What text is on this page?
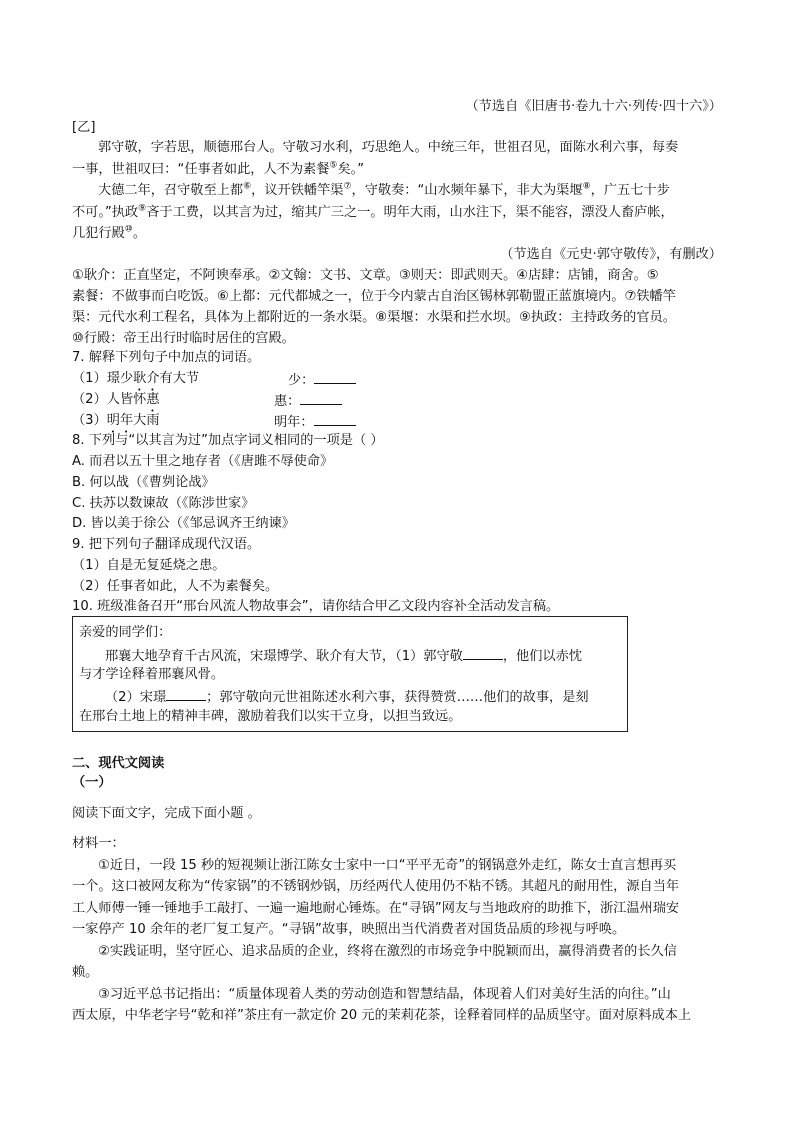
（节选自《旧唐书·卷九十六·列传·四十六》）
[乙]
郭守敬，字若思，顺德邢台人。守敬习水利，巧思绝人。中统三年，世祖召见，面陈水利六事，每奏
一事，世祖叹曰：“任事者如此，人不为素餐⑤矣。”
大德二年，召守敬至上都⑥，议开铁幡竿渠⑦，守敬奏：“山水频年暴下，非大为渠堰⑧，广五七十步
不可。”执政⑨吝于工费，以其言为过，缩其广三之一。明年大雨，山水注下，渠不能容，漂没人畜庐帐，
几犯行殿⑩。
（节选自《元史·郭守敬传》，有删改）
①耿介：正直坚定，不阿谀奉承。②文翰：文书、文章。③则天：即武则天。④店肆：店铺，商舍。⑤
素餐：不做事而白吃饭。⑥上都：元代都城之一，位于今内蒙古自治区锡林郭勒盟正蓝旗境内。⑦铁幡竿
渠：元代水利工程名，具体为上都附近的一条水渠。⑧渠堰：水渠和拦水坝。⑨执政：主持政务的官员。
⑩行殿：帝王出行时临时居住的宫殿。
7. 解释下列句子中加点的词语。
（1）璟少耿介有大节	少：
（2）人皆怀惠	惠：
（3）明年大雨	明年：
8. 下列与“以其言为过”加点字词义相同的一项是（ ）
A. 而君以五十里之地存者（《唐雎不辱使命》
B. 何以战（《曹刿论战》
C. 扶苏以数谏故（《陈涉世家》
D. 皆以美于徐公（《邹忌讽齐王纳谏》
9. 把下列句子翻译成现代汉语。
（1）自是无复延烧之患。
（2）任事者如此，人不为素餐矣。
10. 班级准备召开“邢台风流人物故事会”，请你结合甲乙文段内容补全活动发言稿。
亲爱的同学们：
邢襄大地孕育千古风流，宋璟博学、耿介有大节，（1）郭守敬	，他们以赤忱
与才学诠释着邢襄风骨。
（2）宋璟	；郭守敬向元世祖陈述水利六事，获得赞赏……他们的故事，是刻
在邢台土地上的精神丰碑，激励着我们以实干立身，以担当致远。
二、现代文阅读
（一）
阅读下面文字，完成下面小题 。
材料一：
①近日，一段 15 秒的短视频让浙江陈女士家中一口“平平无奇”的钢锅意外走红，陈女士直言想再买
一个。这口被网友称为“传家锅”的不锈钢炒锅，历经两代人使用仍不粘不锈。其超凡的耐用性，源自当年
工人师傅一锤一锤地手工敲打、一遍一遍地耐心锤炼。在“寻锅”网友与当地政府的助推下，浙江温州瑞安
一家停产 10 余年的老厂复工复产。“寻锅”故事，映照出当代消费者对国货品质的珍视与呼唤。
②实践证明，坚守匠心、追求品质的企业，终将在激烈的市场竞争中脱颖而出，赢得消费者的长久信
赖。
③习近平总书记指出：“质量体现着人类的劳动创造和智慧结晶，体现着人们对美好生活的向往。”山
西太原，中华老字号“乾和祥”茶庄有一款定价 20 元的茉莉花茶，诠释着同样的品质坚守。面对原料成本上
